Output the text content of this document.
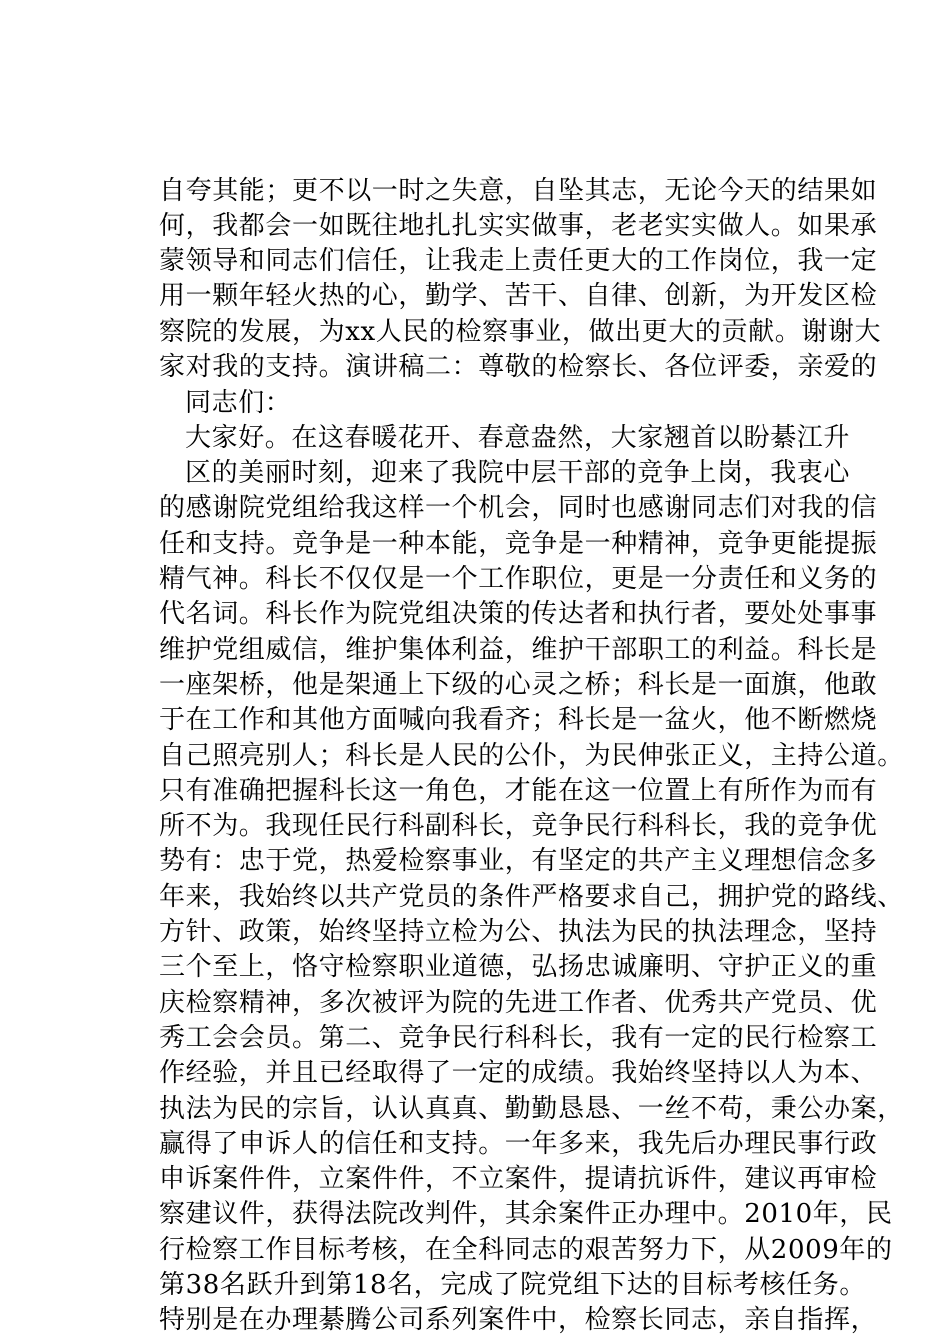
自夸其能；更不以一时之失意，自坠其志，无论今天的结果如
何，我都会一如既往地扎扎实实做事，老老实实做人。如果承
蒙领导和同志们信任，让我走上责任更大的工作岗位，我一定
用一颗年轻火热的心，勤学、苦干、自律、创新，为开发区检
察院的发展，为xx人民的检察事业，做出更大的贡献。谢谢大
家对我的支持。演讲稿二：尊敬的检察长、各位评委，亲爱的
同志们：
大家好。在这春暖花开、春意盎然，大家翘首以盼綦江升
区的美丽时刻，迎来了我院中层干部的竞争上岗，我衷心
的感谢院党组给我这样一个机会，同时也感谢同志们对我的信
任和支持。竞争是一种本能，竞争是一种精神，竞争更能提振
精气神。科长不仅仅是一个工作职位，更是一分责任和义务的
代名词。科长作为院党组决策的传达者和执行者，要处处事事
维护党组威信，维护集体利益，维护干部职工的利益。科长是
一座架桥，他是架通上下级的心灵之桥；科长是一面旗，他敢
于在工作和其他方面喊向我看齐；科长是一盆火，他不断燃烧
自己照亮别人；科长是人民的公仆，为民伸张正义，主持公道。
只有准确把握科长这一角色，才能在这一位置上有所作为而有
所不为。我现任民行科副科长，竞争民行科科长，我的竞争优
势有：忠于党，热爱检察事业，有坚定的共产主义理想信念多
年来，我始终以共产党员的条件严格要求自己，拥护党的路线、
方针、政策，始终坚持立检为公、执法为民的执法理念，坚持
三个至上，恪守检察职业道德，弘扬忠诚廉明、守护正义的重
庆检察精神，多次被评为院的先进工作者、优秀共产党员、优
秀工会会员。第二、竞争民行科科长，我有一定的民行检察工
作经验，并且已经取得了一定的成绩。我始终坚持以人为本、
执法为民的宗旨，认认真真、勤勤恳恳、一丝不苟，秉公办案，
赢得了申诉人的信任和支持。一年多来，我先后办理民事行政
申诉案件件，立案件件，不立案件，提请抗诉件，建议再审检
察建议件，获得法院改判件，其余案件正办理中。2010年，民
行检察工作目标考核，在全科同志的艰苦努力下，从2009年的
第38名跃升到第18名，完成了院党组下达的目标考核任务。
特别是在办理綦腾公司系列案件中，检察长同志，亲自指挥，
